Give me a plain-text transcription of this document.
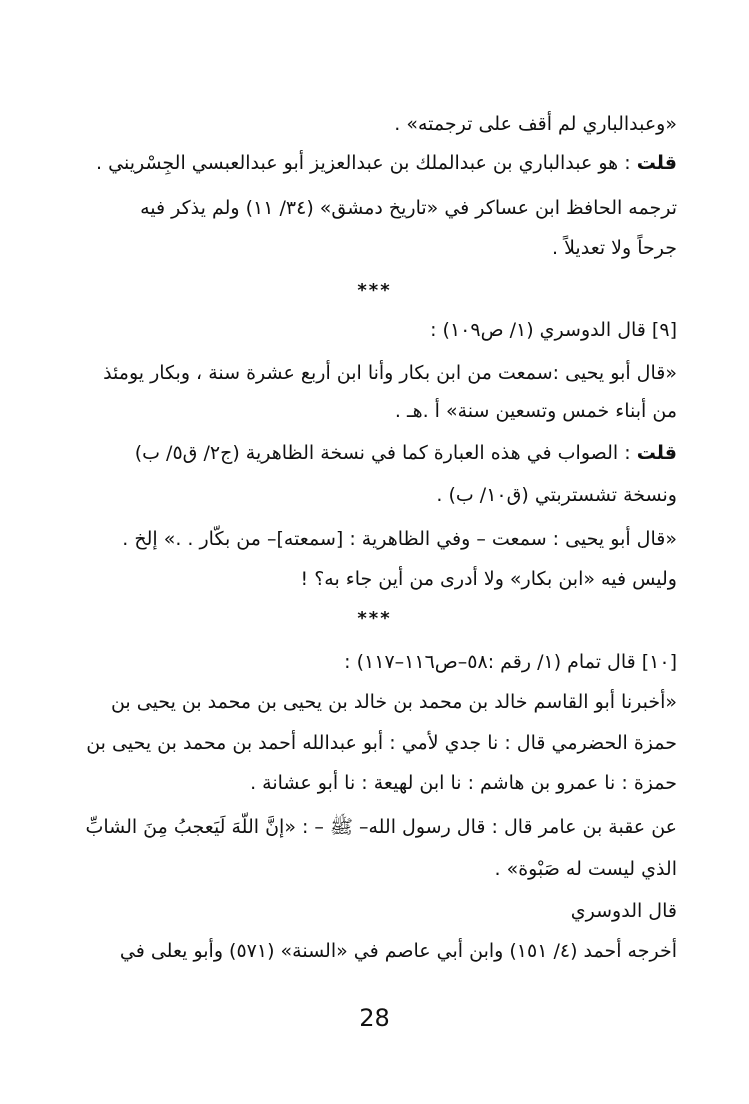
«وعبدالباري لم أقف على ترجمته» .
قلت : هو عبدالباري بن عبدالملك بن عبدالعزيز أبو عبدالعبسي الجِسْريني .
ترجمه الحافظ ابن عساكر في «تاريخ دمشق» (٣٤/ ١١) ولم يذكر فيه
جرحاً ولا تعديلاً .
***
[٩] قال الدوسري (١/ ص١٠٩) :
«قال أبو يحيى :سمعت من ابن بكار وأنا ابن أربع عشرة سنة ، وبكار يومئذ
من أبناء خمس وتسعين سنة» أ .هـ .
قلت : الصواب في هذه العبارة كما في نسخة الظاهرية (ج٢/ ق٥/ ب)
ونسخة تشستربتي (ق١٠/ ب) .
«قال أبو يحيى : سمعت – وفي الظاهرية : [سمعته]– من بكّار . .» إلخ .
وليس فيه «ابن بكار» ولا أدرى من أين جاء به؟ !
***
[١٠] قال تمام (١/ رقم :٥٨–ص١١٦–١١٧) :
«أخبرنا أبو القاسم خالد بن محمد بن خالد بن يحيى بن محمد بن يحيى بن
حمزة الحضرمي قال : نا جدي لأمي : أبو عبدالله أحمد بن محمد بن يحيى بن
حمزة : نا عمرو بن هاشم : نا ابن لهيعة : نا أبو عشانة .
عن عقبة بن عامر قال : قال رسول الله– ﷺ – : «إنَّ اللّهَ لَيَعجبُ مِنَ الشابِّ
الذي ليست له صَبْوة» .
قال الدوسري
أخرجه أحمد (٤/ ١٥١) وابن أبي عاصم في «السنة» (٥٧١) وأبو يعلى في
28
